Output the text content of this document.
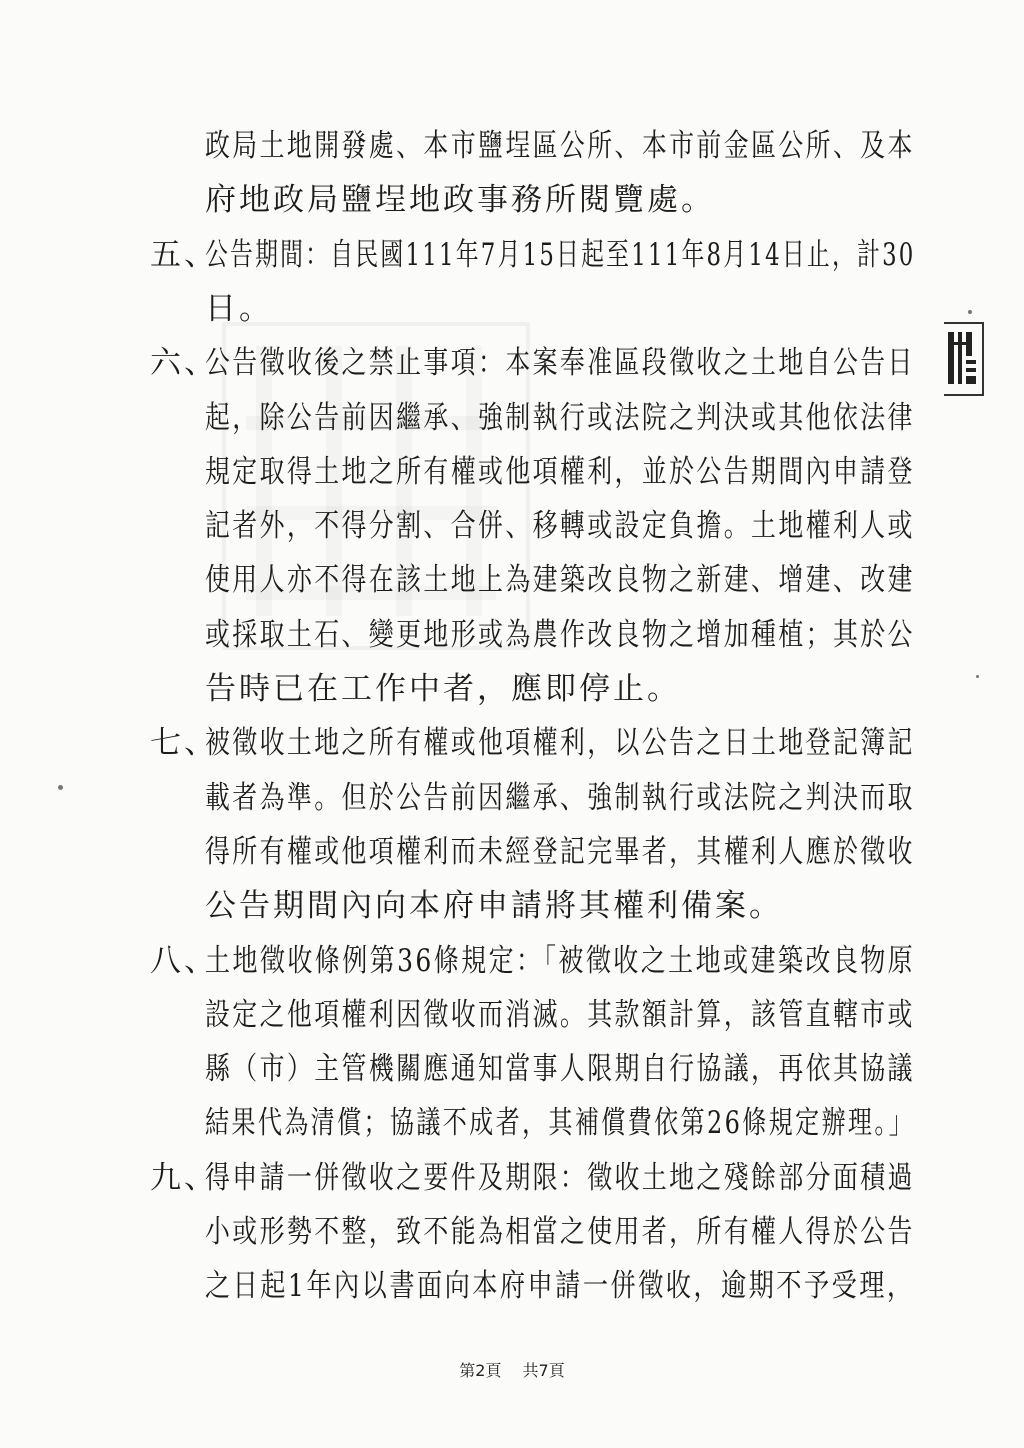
政局土地開發處、本市鹽埕區公所、本市前金區公所、及本
府地政局鹽埕地政事務所閱覽處。
五、
公告期間：自民國111年7月15日起至111年8月14日止，計30
日。
六、
公告徵收後之禁止事項：本案奉准區段徵收之土地自公告日
起，除公告前因繼承、強制執行或法院之判決或其他依法律
規定取得土地之所有權或他項權利，並於公告期間內申請登
記者外，不得分割、合併、移轉或設定負擔。土地權利人或
使用人亦不得在該土地上為建築改良物之新建、增建、改建
或採取土石、變更地形或為農作改良物之增加種植；其於公
告時已在工作中者，應即停止。
七、
被徵收土地之所有權或他項權利，以公告之日土地登記簿記
載者為準。但於公告前因繼承、強制執行或法院之判決而取
得所有權或他項權利而未經登記完畢者，其權利人應於徵收
公告期間內向本府申請將其權利備案。
八、
土地徵收條例第36條規定：「被徵收之土地或建築改良物原
設定之他項權利因徵收而消滅。其款額計算，該管直轄市或
縣（市）主管機關應通知當事人限期自行協議，再依其協議
結果代為清償；協議不成者，其補償費依第26條規定辦理。」
九、
得申請一併徵收之要件及期限：徵收土地之殘餘部分面積過
小或形勢不整，致不能為相當之使用者，所有權人得於公告
之日起1年內以書面向本府申請一併徵收，逾期不予受理，
第2頁 共7頁
